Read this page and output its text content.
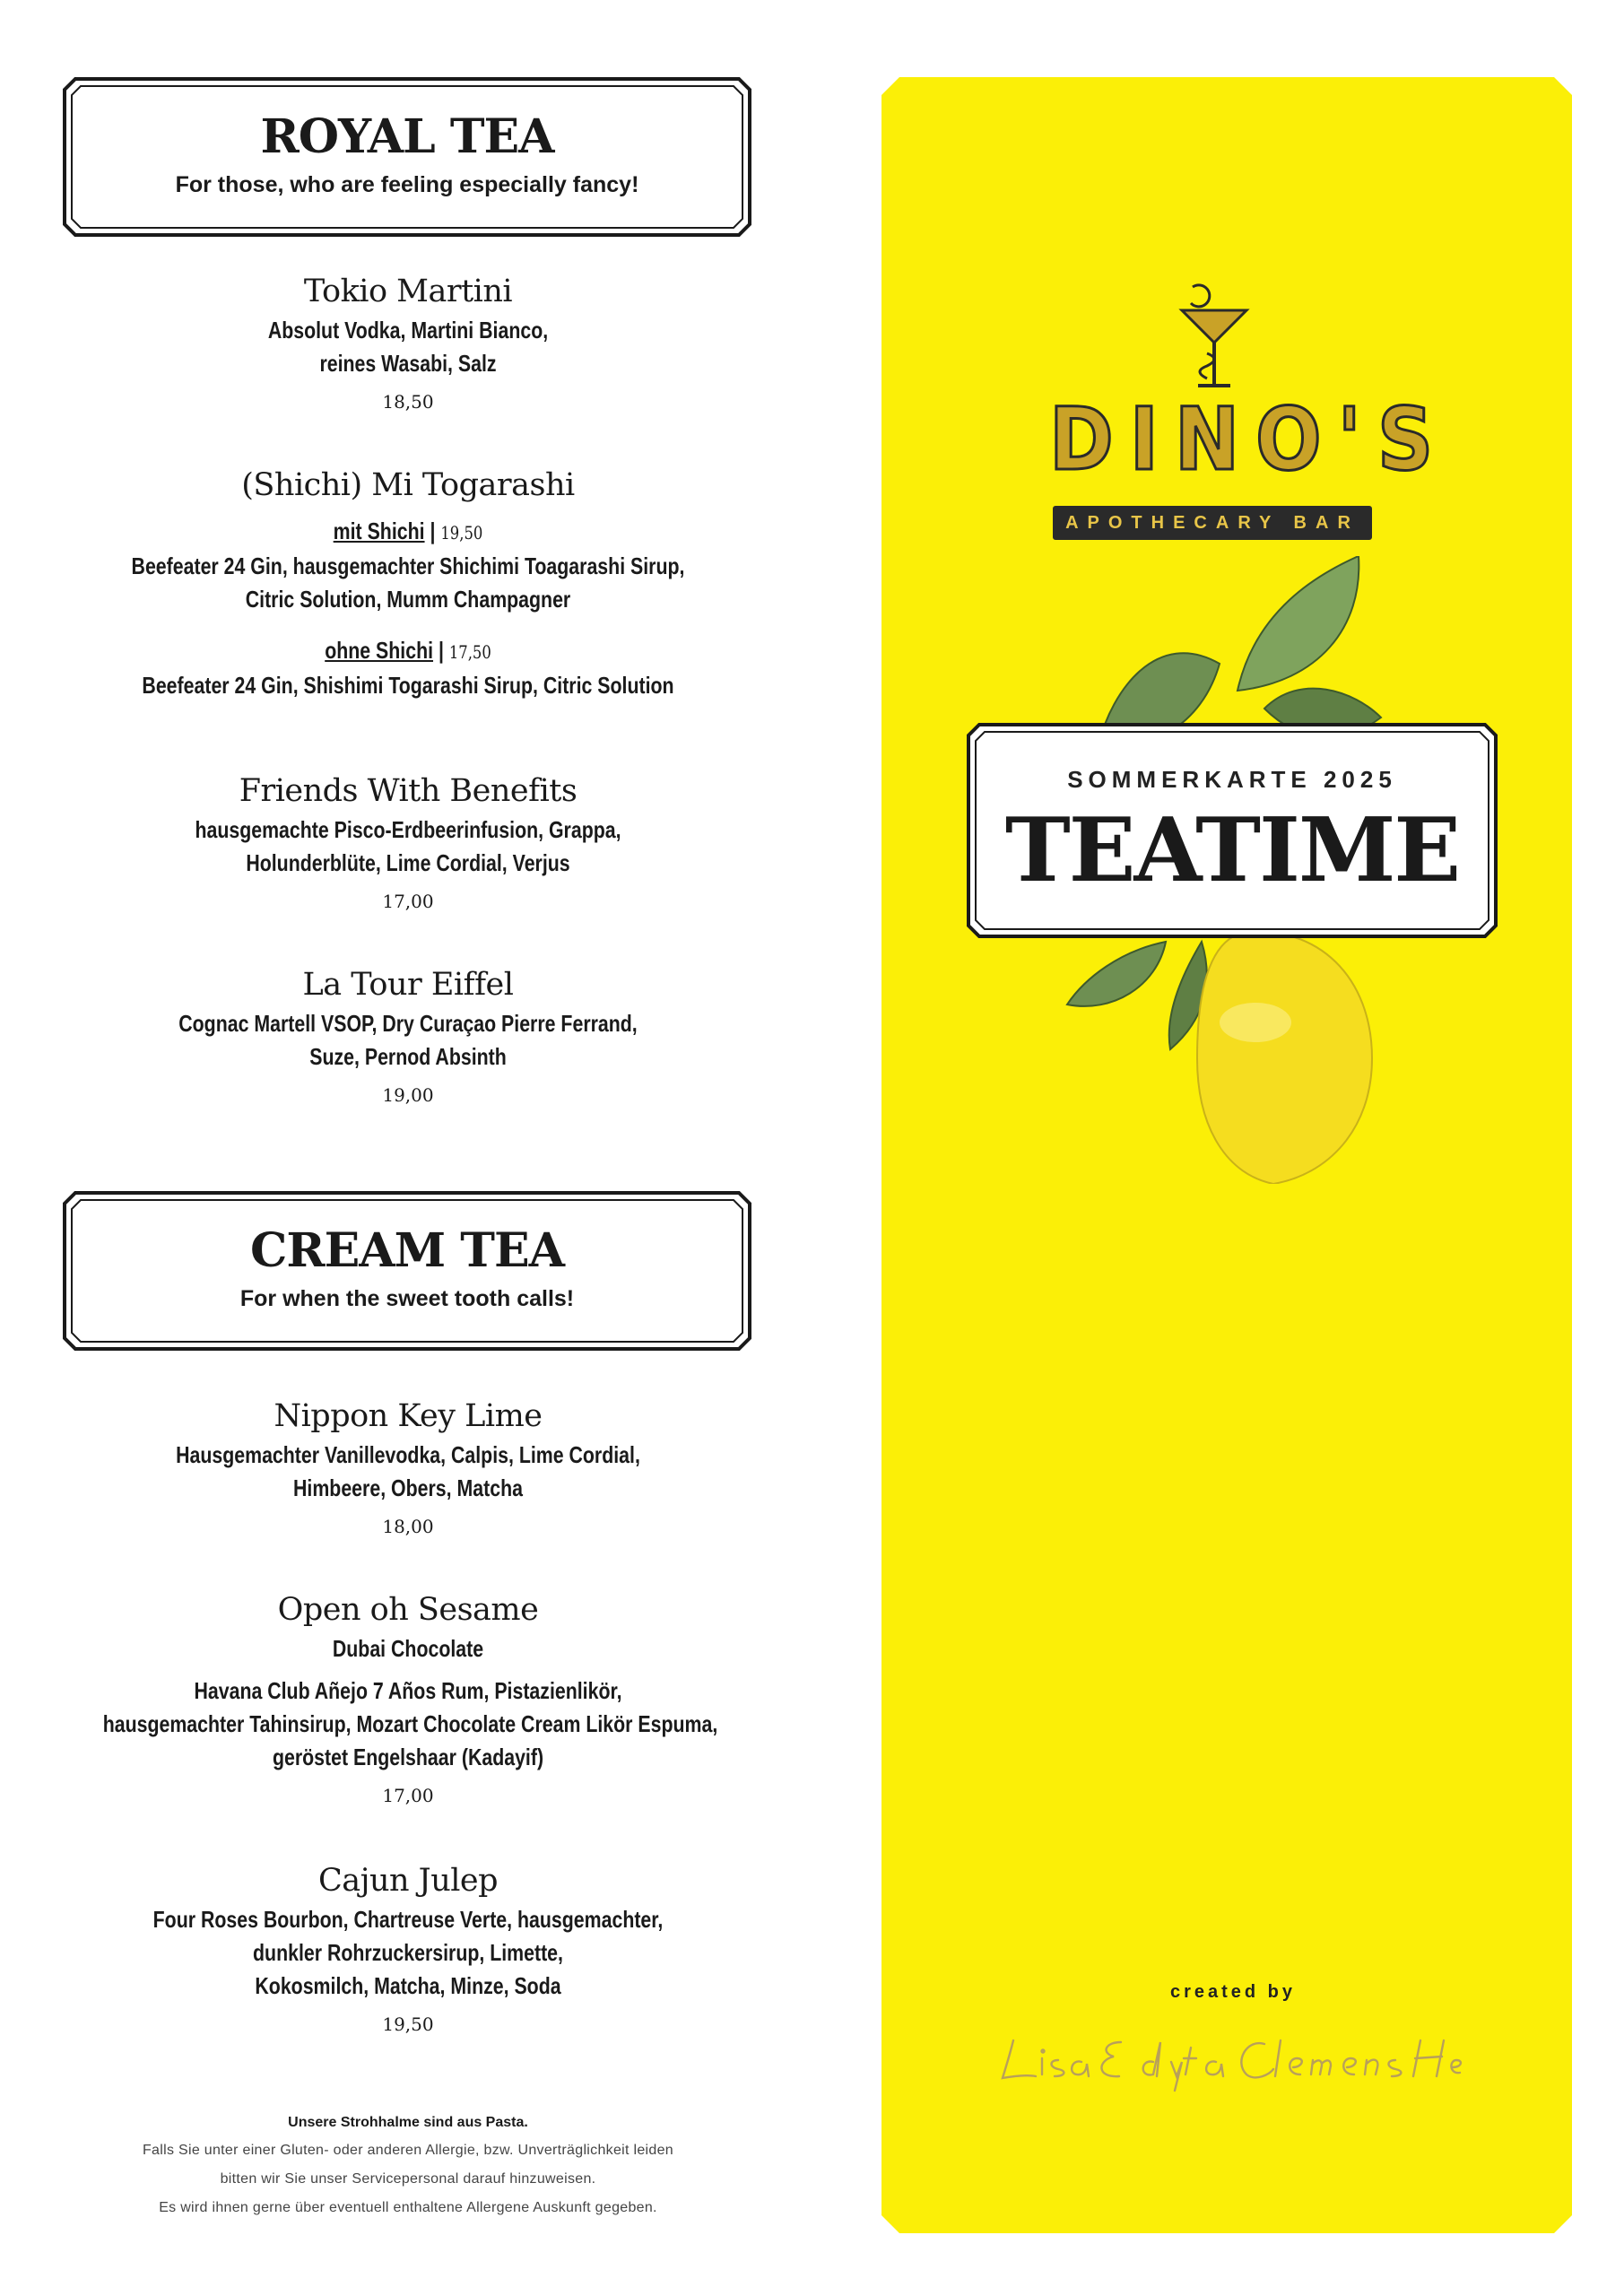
ROYAL TEA
For those, who are feeling especially fancy!
Tokio Martini
Absolut Vodka, Martini Bianco,
reines Wasabi, Salz
18,50
(Shichi) Mi Togarashi
mit Shichi | 19,50
Beefeater 24 Gin, hausgemachter Shichimi Toagarashi Sirup,
Citric Solution, Mumm Champagner
ohne Shichi | 17,50
Beefeater 24 Gin, Shishimi Togarashi Sirup, Citric Solution
Friends With Benefits
hausgemachte Pisco-Erdbeerinfusion, Grappa,
Holunderblüte, Lime Cordial, Verjus
17,00
La Tour Eiffel
Cognac Martell VSOP, Dry Curaçao Pierre Ferrand,
Suze, Pernod Absinth
19,00
CREAM TEA
For when the sweet tooth calls!
Nippon Key Lime
Hausgemachter Vanillevodka, Calpis, Lime Cordial,
Himbeere, Obers, Matcha
18,00
Open oh Sesame
Dubai Chocolate
Havana Club Añejo 7 Años Rum, Pistazienlikör,
hausgemachter Tahinsirup, Mozart Chocolate Cream Likör Espuma,
geröstet Engelshaar (Kadayif)
17,00
Cajun Julep
Four Roses Bourbon, Chartreuse Verte, hausgemachter,
dunkler Rohrzuckersirup, Limette,
Kokosmilch, Matcha, Minze, Soda
19,50
Unsere Strohhalme sind aus Pasta.
Falls Sie unter einer Gluten- oder anderen Allergie, bzw. Unverträglichkeit leiden
bitten wir Sie unser Servicepersonal darauf hinzuweisen.
Es wird ihnen gerne über eventuell enthaltene Allergene Auskunft gegeben.
DINO'S
APOTHECARY BAR
SOMMERKARTE 2025
TEATIME
created by
